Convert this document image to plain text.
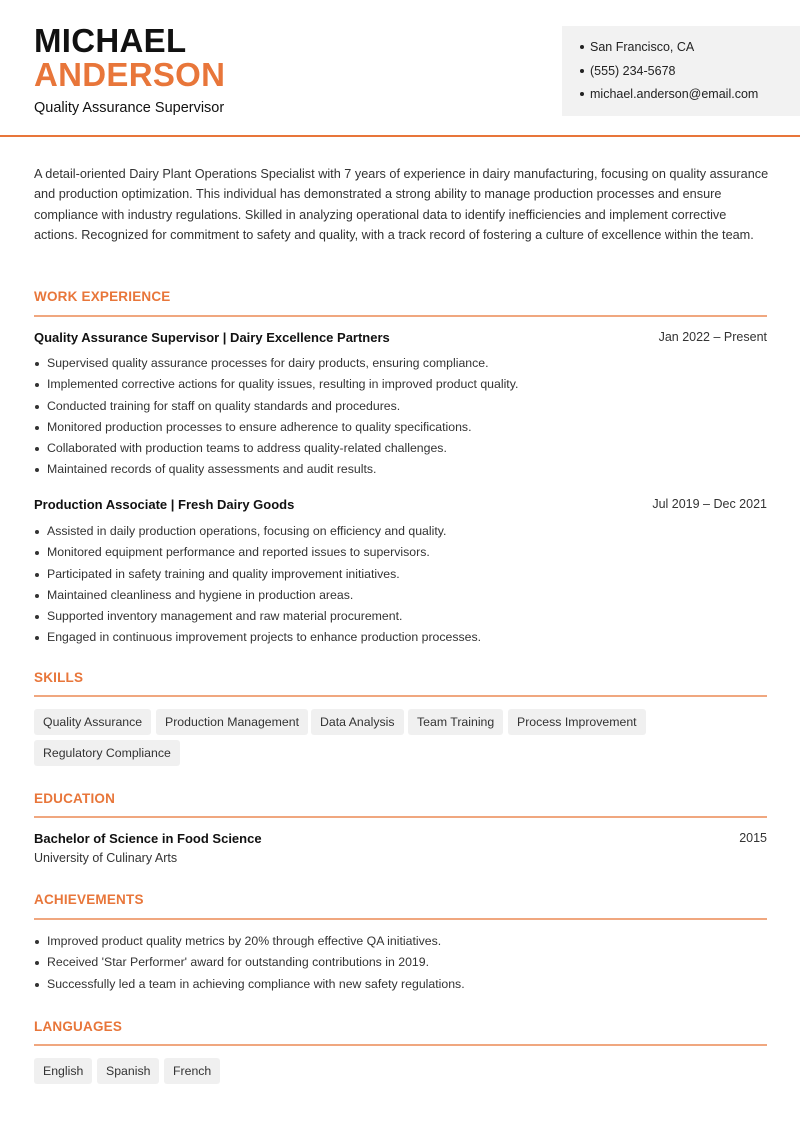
MICHAEL
ANDERSON
Quality Assurance Supervisor
San Francisco, CA
(555) 234-5678
michael.anderson@email.com

A detail-oriented Dairy Plant Operations Specialist with 7 years of experience in dairy manufacturing, focusing on quality assurance and production optimization. This individual has demonstrated a strong ability to manage production processes and ensure compliance with industry regulations. Skilled in analyzing operational data to identify inefficiencies and implement corrective actions. Recognized for commitment to safety and quality, with a track record of fostering a culture of excellence within the team.

WORK EXPERIENCE
Quality Assurance Supervisor | Dairy Excellence Partners	Jan 2022 – Present
Supervised quality assurance processes for dairy products, ensuring compliance.
Implemented corrective actions for quality issues, resulting in improved product quality.
Conducted training for staff on quality standards and procedures.
Monitored production processes to ensure adherence to quality specifications.
Collaborated with production teams to address quality-related challenges.
Maintained records of quality assessments and audit results.
Production Associate | Fresh Dairy Goods	Jul 2019 – Dec 2021
Assisted in daily production operations, focusing on efficiency and quality.
Monitored equipment performance and reported issues to supervisors.
Participated in safety training and quality improvement initiatives.
Maintained cleanliness and hygiene in production areas.
Supported inventory management and raw material procurement.
Engaged in continuous improvement projects to enhance production processes.
SKILLS
Quality Assurance	Production Management	Data Analysis	Team Training	Process Improvement
Regulatory Compliance
EDUCATION
Bachelor of Science in Food Science	2015
University of Culinary Arts
ACHIEVEMENTS
Improved product quality metrics by 20% through effective QA initiatives.
Received 'Star Performer' award for outstanding contributions in 2019.
Successfully led a team in achieving compliance with new safety regulations.
LANGUAGES
English	Spanish	French
